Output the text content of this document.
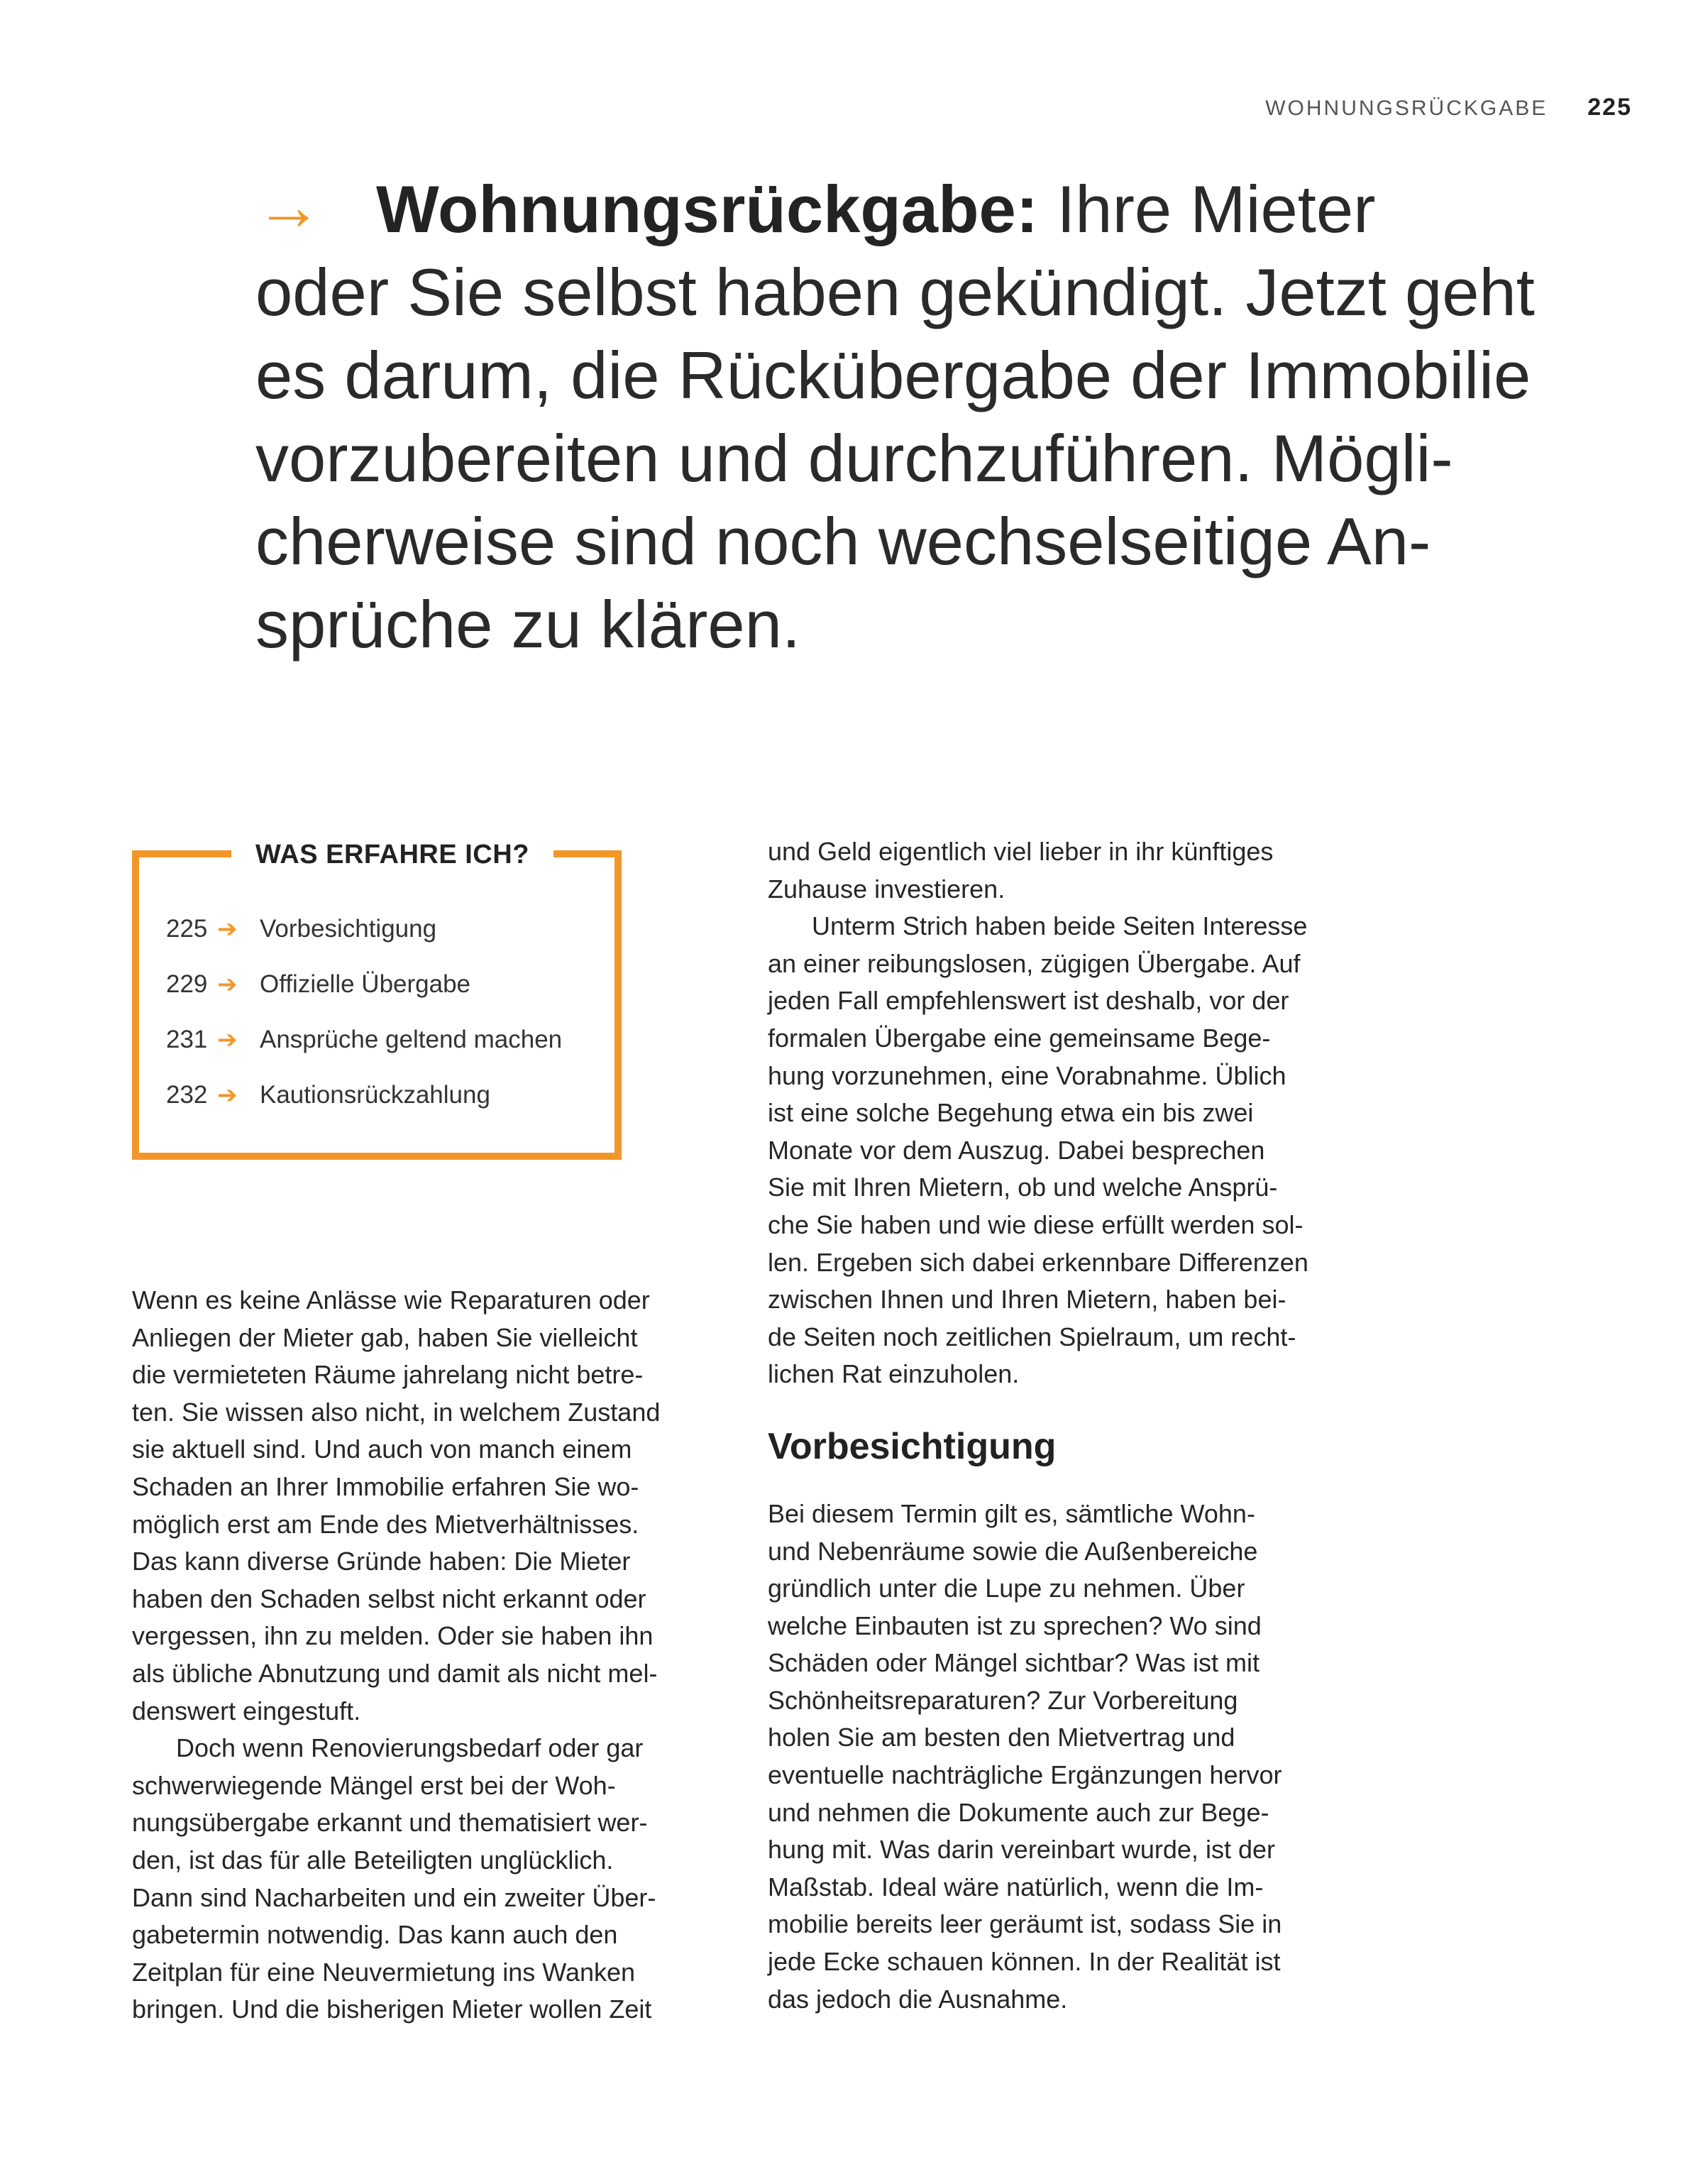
WOHNUNGSRÜCKGABE 225

→ Wohnungsrückgabe: Ihre Mieter

oder Sie selbst haben gekündigt. Jetzt geht

es darum, die Rückübergabe der Immobilie

vorzubereiten und durchzuführen. Mögli-

cherweise sind noch wechselseitige An-

sprüche zu klären.

WAS ERFAHRE ICH?
225 ➔ Vorbesichtigung
229 ➔ Offizielle Übergabe
231 ➔ Ansprüche geltend machen
232 ➔ Kautionsrückzahlung

Wenn es keine Anlässe wie Reparaturen oder
Anliegen der Mieter gab, haben Sie vielleicht
die vermieteten Räume jahrelang nicht betre-
ten. Sie wissen also nicht, in welchem Zustand
sie aktuell sind. Und auch von manch einem
Schaden an Ihrer Immobilie erfahren Sie wo-
möglich erst am Ende des Mietverhältnisses.
Das kann diverse Gründe haben: Die Mieter
haben den Schaden selbst nicht erkannt oder
vergessen, ihn zu melden. Oder sie haben ihn
als übliche Abnutzung und damit als nicht mel-
denswert eingestuft.

Doch wenn Renovierungsbedarf oder gar
schwerwiegende Mängel erst bei der Woh-
nungsübergabe erkannt und thematisiert wer-
den, ist das für alle Beteiligten unglücklich.
Dann sind Nacharbeiten und ein zweiter Über-
gabetermin notwendig. Das kann auch den
Zeitplan für eine Neuvermietung ins Wanken
bringen. Und die bisherigen Mieter wollen Zeit

und Geld eigentlich viel lieber in ihr künftiges
Zuhause investieren.

Unterm Strich haben beide Seiten Interesse
an einer reibungslosen, zügigen Übergabe. Auf
jeden Fall empfehlenswert ist deshalb, vor der
formalen Übergabe eine gemeinsame Bege-
hung vorzunehmen, eine Vorabnahme. Üblich
ist eine solche Begehung etwa ein bis zwei
Monate vor dem Auszug. Dabei besprechen
Sie mit Ihren Mietern, ob und welche Ansprü-
che Sie haben und wie diese erfüllt werden sol-
len. Ergeben sich dabei erkennbare Differenzen
zwischen Ihnen und Ihren Mietern, haben bei-
de Seiten noch zeitlichen Spielraum, um recht-
lichen Rat einzuholen.

Vorbesichtigung

Bei diesem Termin gilt es, sämtliche Wohn-
und Nebenräume sowie die Außenbereiche
gründlich unter die Lupe zu nehmen. Über
welche Einbauten ist zu sprechen? Wo sind
Schäden oder Mängel sichtbar? Was ist mit
Schönheitsreparaturen? Zur Vorbereitung
holen Sie am besten den Mietvertrag und
eventuelle nachträgliche Ergänzungen hervor
und nehmen die Dokumente auch zur Bege-
hung mit. Was darin vereinbart wurde, ist der
Maßstab. Ideal wäre natürlich, wenn die Im-
mobilie bereits leer geräumt ist, sodass Sie in
jede Ecke schauen können. In der Realität ist
das jedoch die Ausnahme.
